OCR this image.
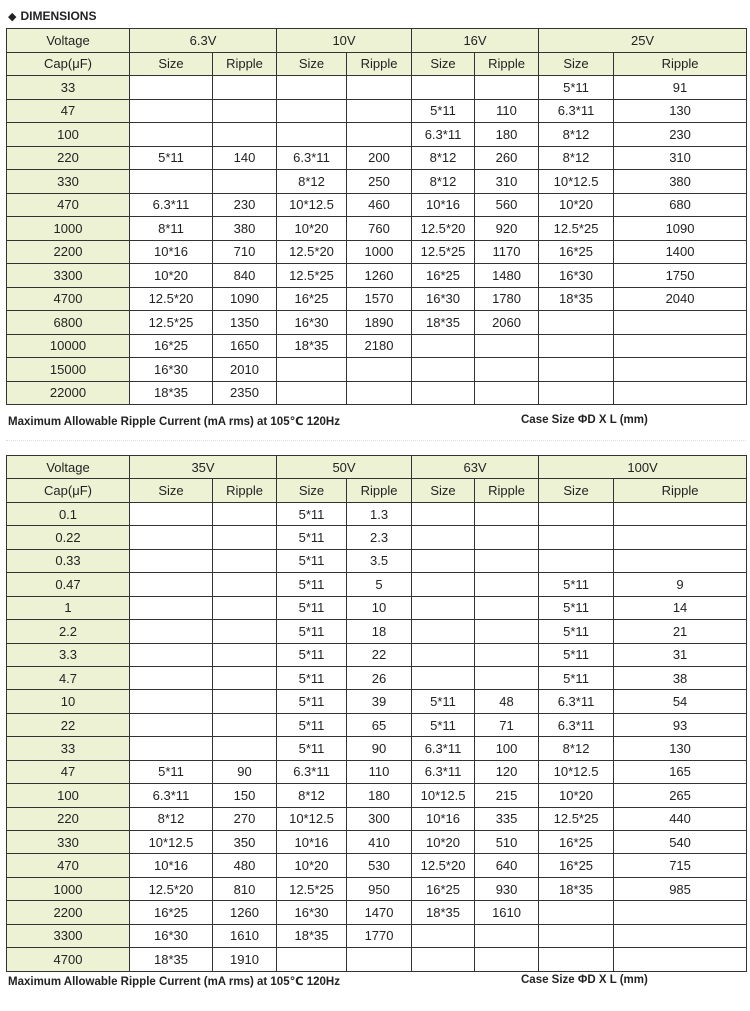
◆ DIMENSIONS
Voltage	6.3V		10V		16V		25V	
Cap(μF)	Size	Ripple	Size	Ripple	Size	Ripple	Size	Ripple
33							5*11	91
47					5*11	110	6.3*11	130
100					6.3*11	180	8*12	230
220	5*11	140	6.3*11	200	8*12	260	8*12	310
330			8*12	250	8*12	310	10*12.5	380
470	6.3*11	230	10*12.5	460	10*16	560	10*20	680
1000	8*11	380	10*20	760	12.5*20	920	12.5*25	1090
2200	10*16	710	12.5*20	1000	12.5*25	1170	16*25	1400
3300	10*20	840	12.5*25	1260	16*25	1480	16*30	1750
4700	12.5*20	1090	16*25	1570	16*30	1780	18*35	2040
6800	12.5*25	1350	16*30	1890	18*35	2060		
10000	16*25	1650	18*35	2180				
15000	16*30	2010						
22000	18*35	2350						
Maximum Allowable Ripple Current (mA rms) at 105℃ 120Hz	Case Size ΦD X L (mm)
Voltage	35V		50V		63V		100V	
Cap(μF)	Size	Ripple	Size	Ripple	Size	Ripple	Size	Ripple
0.1			5*11	1.3				
0.22			5*11	2.3				
0.33			5*11	3.5				
0.47			5*11	5			5*11	9
1			5*11	10			5*11	14
2.2			5*11	18			5*11	21
3.3			5*11	22			5*11	31
4.7			5*11	26			5*11	38
10			5*11	39	5*11	48	6.3*11	54
22			5*11	65	5*11	71	6.3*11	93
33			5*11	90	6.3*11	100	8*12	130
47	5*11	90	6.3*11	110	6.3*11	120	10*12.5	165
100	6.3*11	150	8*12	180	10*12.5	215	10*20	265
220	8*12	270	10*12.5	300	10*16	335	12.5*25	440
330	10*12.5	350	10*16	410	10*20	510	16*25	540
470	10*16	480	10*20	530	12.5*20	640	16*25	715
1000	12.5*20	810	12.5*25	950	16*25	930	18*35	985
2200	16*25	1260	16*30	1470	18*35	1610		
3300	16*30	1610	18*35	1770				
4700	18*35	1910						
Maximum Allowable Ripple Current (mA rms) at 105℃ 120Hz	Case Size ΦD X L (mm)
